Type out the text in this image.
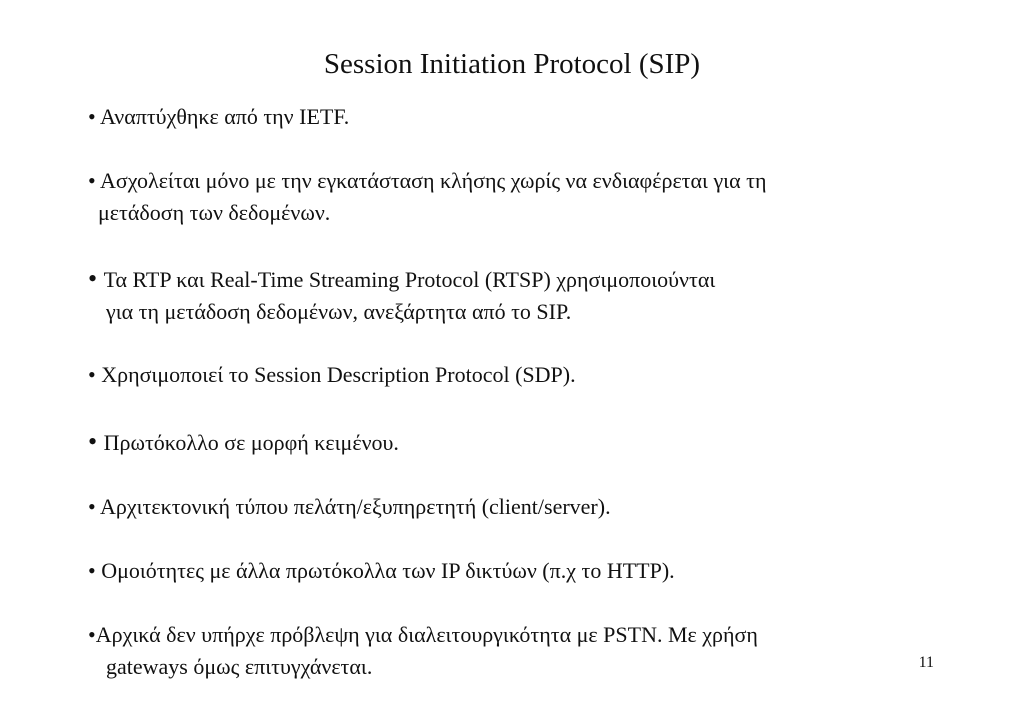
Session Initiation Protocol (SIP)
• Αναπτύχθηκε από την IETF.
• Ασχολείται μόνο με την εγκατάσταση κλήσης χωρίς να ενδιαφέρεται για τη
μετάδοση των δεδομένων.
• Τα RTP και Real-Time Streaming Protocol (RTSP) χρησιμοποιούνται
για τη μετάδοση δεδομένων, ανεξάρτητα από το SIP.
• Χρησιμοποιεί το Session Description Protocol (SDP).
• Πρωτόκολλο σε μορφή κειμένου.
• Αρχιτεκτονική τύπου πελάτη/εξυπηρετητή (client/server).
• Ομοιότητες με άλλα πρωτόκολλα των IP δικτύων (π.χ το HTTP).
•Αρχικά δεν υπήρχε πρόβλεψη για διαλειτουργικότητα με PSTN. Με χρήση
gateways όμως επιτυγχάνεται.	11
